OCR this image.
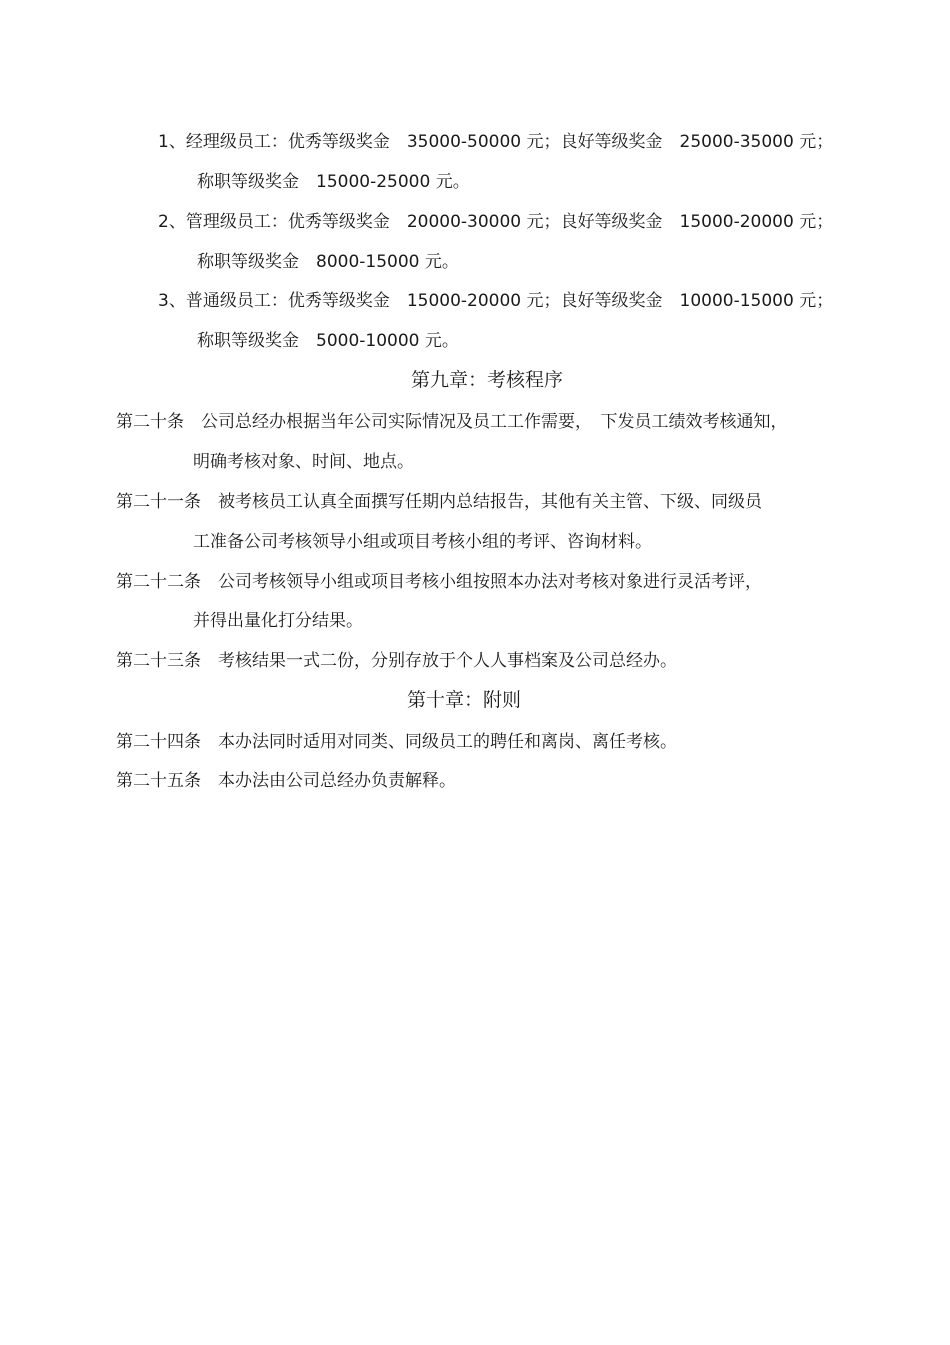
1、经理级员工：优秀等级奖金　35000-50000 元；良好等级奖金　25000-35000 元；
称职等级奖金　15000-25000 元。
2、管理级员工：优秀等级奖金　20000-30000 元；良好等级奖金　15000-20000 元；
称职等级奖金　8000-15000 元。
3、普通级员工：优秀等级奖金　15000-20000 元；良好等级奖金　10000-15000 元；
称职等级奖金　5000-10000 元。
第九章：考核程序
第二十条　公司总经办根据当年公司实际情况及员工工作需要，　下发员工绩效考核通知，
明确考核对象、时间、地点。
第二十一条　被考核员工认真全面撰写任期内总结报告，其他有关主管、下级、同级员
工准备公司考核领导小组或项目考核小组的考评、咨询材料。
第二十二条　公司考核领导小组或项目考核小组按照本办法对考核对象进行灵活考评，
并得出量化打分结果。
第二十三条　考核结果一式二份，分别存放于个人人事档案及公司总经办。
第十章：附则
第二十四条　本办法同时适用对同类、同级员工的聘任和离岗、离任考核。
第二十五条　本办法由公司总经办负责解释。
